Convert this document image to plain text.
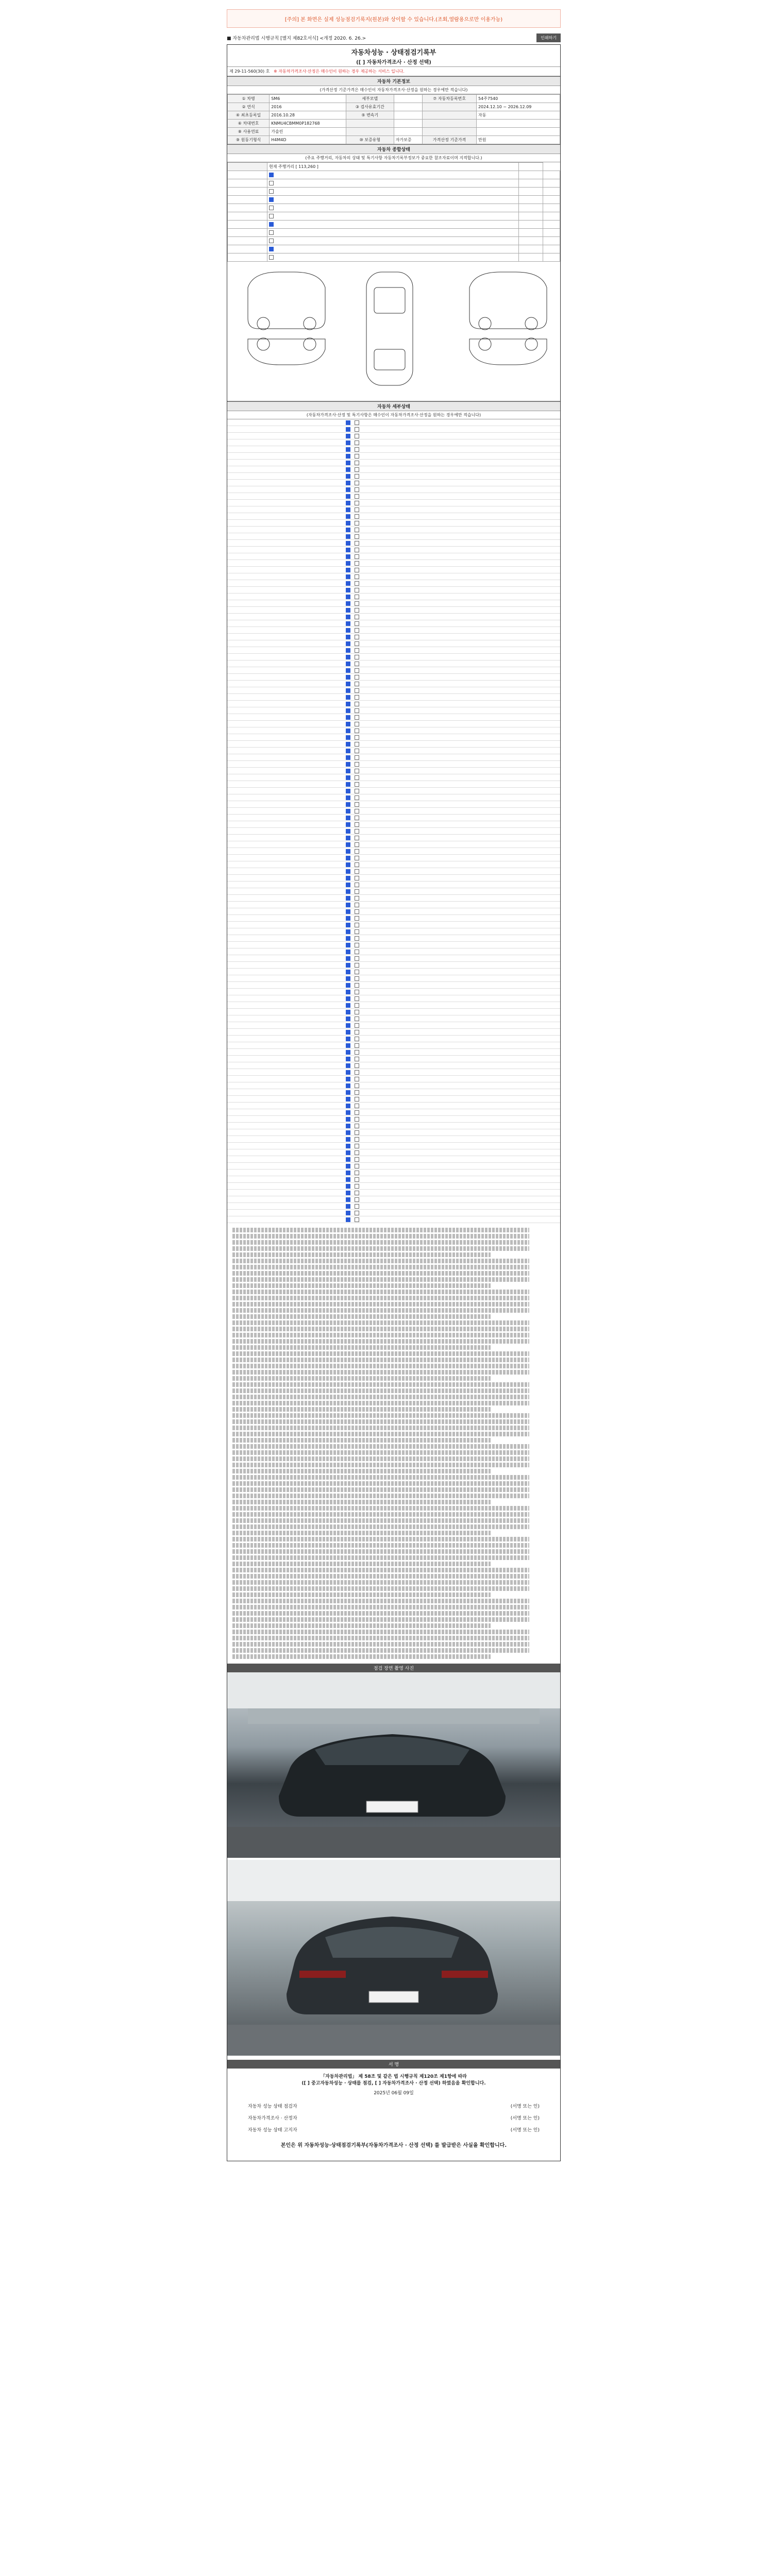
[주의] 본 화면은 실제 성능점검기록지(원본)와 상이할 수 있습니다.(조회,열람용으로만 이용가능)
■ 자동차관리법 시행규칙 [별지 제82호서식] <개정 2020. 6. 26.>	인쇄하기
자동차성능 · 상태점검기록부
([ ] 자동차가격조사 · 산정 선택)
제 29-11-560(30) 호 ※ 자동차가격조사·산정은 매수인이 원하는 경우 제공하는 서비스 입니다.
자동차 기본정보
(가격산정 기준가격은 매수인이 자동차가격조사·산정을 원하는 경우에만 적습니다)
① 차명	SM6	세부모델		⑦ 자동차등록번호	54주7540
② 연식	2016	③ 검사유효기간			2024.12.10 ~ 2026.12.09
④ 최초등록일	2016.10.28	⑤ 변속기			자동
⑥ 차대번호	KNMU4CBMM0P182768				
⑧ 사용연료	가솔린				
⑨ 원동기형식	H4M4D	⑩ 보증유형	자가보증	가격산정 기준가격	만원
자동차 종합상태
(주요 주행거리, 자동차의 상태 및 특기사항 자동차기록부정보가 중요한 참조자료이며 지적합니다.)
	현재 주행거리 [ 113,260 ]		

자동차 세부상태
(자동차가격조사·산정 및 특기사항은 매수인이 자동차가격조사·산정을 원하는 경우에만 적습니다)
점검 장면 촬영 사진
서 명
「자동차관리법」 제 58조 및 같은 법 시행규칙 제120조 제1항에 따라
([ ] 중고자동차성능 · 상태를 점검, [ ] 자동차가격조사 · 산정 선택) 하였음을 확인합니다.
2025년 06월 09일
자동차 성능 상태 점검자	(서명 또는 인)
자동차가격조사 · 산정자	(서명 또는 인)
자동차 성능 상태 고지자	(서명 또는 인)
본인은 위 자동차성능·상태점검기록부(자동차가격조사 · 산정 선택) 를 발급받은 사실을 확인합니다.
